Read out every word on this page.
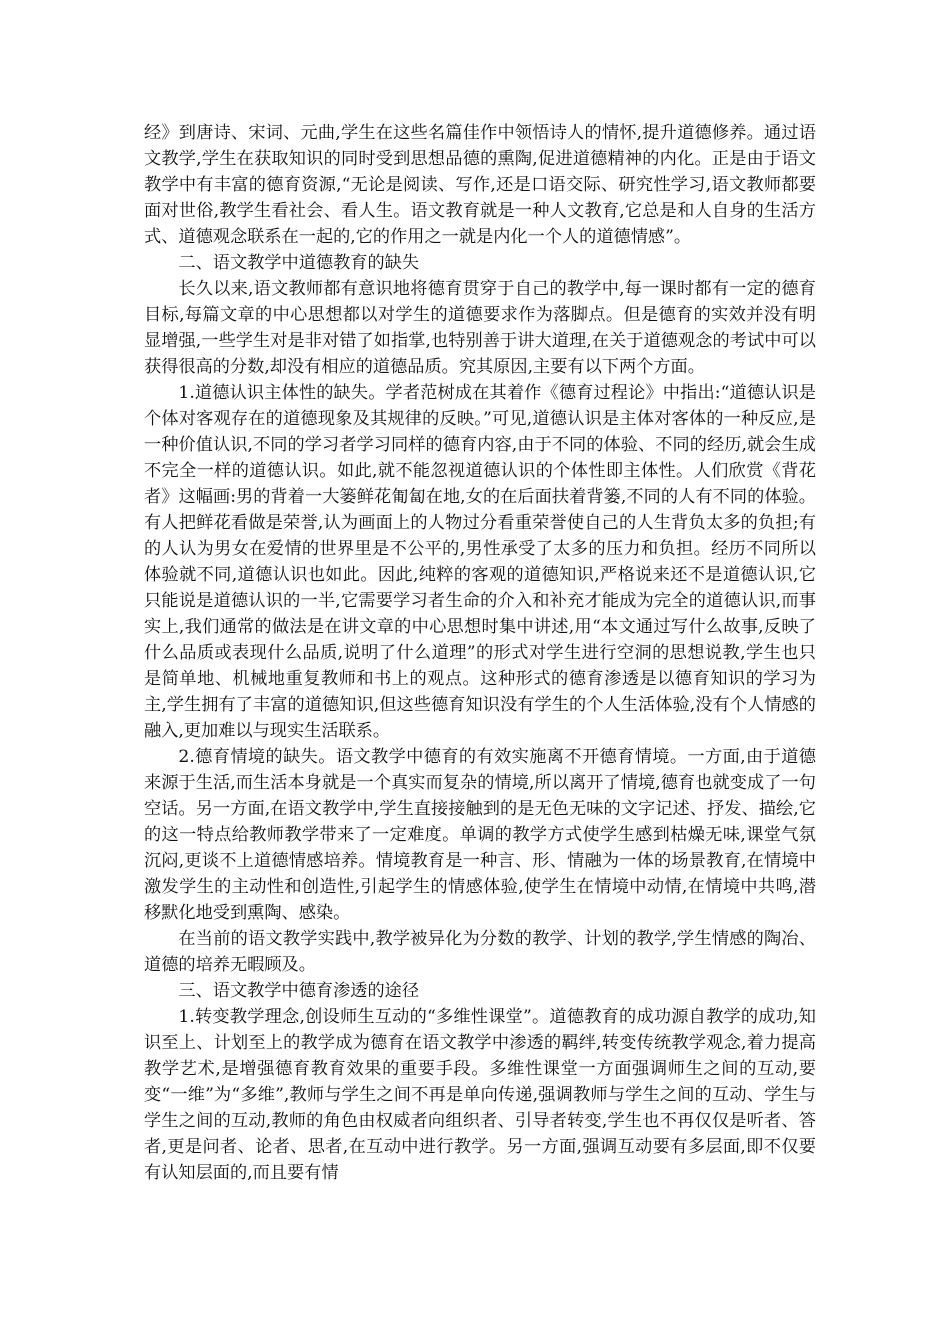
经》到唐诗、宋词、元曲,学生在这些名篇佳作中领悟诗人的情怀,提升道德修养。通过语文教学,学生在获取知识的同时受到思想品德的熏陶,促进道德精神的内化。正是由于语文教学中有丰富的德育资源,“无论是阅读、写作,还是口语交际、研究性学习,语文教师都要面对世俗,教学生看社会、看人生。语文教育就是一种人文教育,它总是和人自身的生活方式、道德观念联系在一起的,它的作用之一就是内化一个人的道德情感”。

二、语文教学中道德教育的缺失

长久以来,语文教师都有意识地将德育贯穿于自己的教学中,每一课时都有一定的德育目标,每篇文章的中心思想都以对学生的道德要求作为落脚点。但是德育的实效并没有明显增强,一些学生对是非对错了如指掌,也特别善于讲大道理,在关于道德观念的考试中可以获得很高的分数,却没有相应的道德品质。究其原因,主要有以下两个方面。

1.道德认识主体性的缺失。学者范树成在其着作《德育过程论》中指出:“道德认识是个体对客观存在的道德现象及其规律的反映。”可见,道德认识是主体对客体的一种反应,是一种价值认识,不同的学习者学习同样的德育内容,由于不同的体验、不同的经历,就会生成不完全一样的道德认识。如此,就不能忽视道德认识的个体性即主体性。人们欣赏《背花者》这幅画:男的背着一大篓鲜花匍匐在地,女的在后面扶着背篓,不同的人有不同的体验。有人把鲜花看做是荣誉,认为画面上的人物过分看重荣誉使自己的人生背负太多的负担;有的人认为男女在爱情的世界里是不公平的,男性承受了太多的压力和负担。经历不同所以体验就不同,道德认识也如此。因此,纯粹的客观的道德知识,严格说来还不是道德认识,它只能说是道德认识的一半,它需要学习者生命的介入和补充才能成为完全的道德认识,而事实上,我们通常的做法是在讲文章的中心思想时集中讲述,用“本文通过写什么故事,反映了什么品质或表现什么品质,说明了什么道理”的形式对学生进行空洞的思想说教,学生也只是简单地、机械地重复教师和书上的观点。这种形式的德育渗透是以德育知识的学习为主,学生拥有了丰富的道德知识,但这些德育知识没有学生的个人生活体验,没有个人情感的融入,更加难以与现实生活联系。

2.德育情境的缺失。语文教学中德育的有效实施离不开德育情境。一方面,由于道德来源于生活,而生活本身就是一个真实而复杂的情境,所以离开了情境,德育也就变成了一句空话。另一方面,在语文教学中,学生直接接触到的是无色无味的文字记述、抒发、描绘,它的这一特点给教师教学带来了一定难度。单调的教学方式使学生感到枯燥无味,课堂气氛沉闷,更谈不上道德情感培养。情境教育是一种言、形、情融为一体的场景教育,在情境中激发学生的主动性和创造性,引起学生的情感体验,使学生在情境中动情,在情境中共鸣,潜移默化地受到熏陶、感染。

在当前的语文教学实践中,教学被异化为分数的教学、计划的教学,学生情感的陶冶、道德的培养无暇顾及。

三、语文教学中德育渗透的途径

1.转变教学理念,创设师生互动的“多维性课堂”。道德教育的成功源自教学的成功,知识至上、计划至上的教学成为德育在语文教学中渗透的羁绊,转变传统教学观念,着力提高教学艺术,是增强德育教育效果的重要手段。多维性课堂一方面强调师生之间的互动,要变“一维”为“多维”,教师与学生之间不再是单向传递,强调教师与学生之间的互动、学生与学生之间的互动,教师的角色由权威者向组织者、引导者转变,学生也不再仅仅是听者、答者,更是问者、论者、思者,在互动中进行教学。另一方面,强调互动要有多层面,即不仅要有认知层面的,而且要有情
